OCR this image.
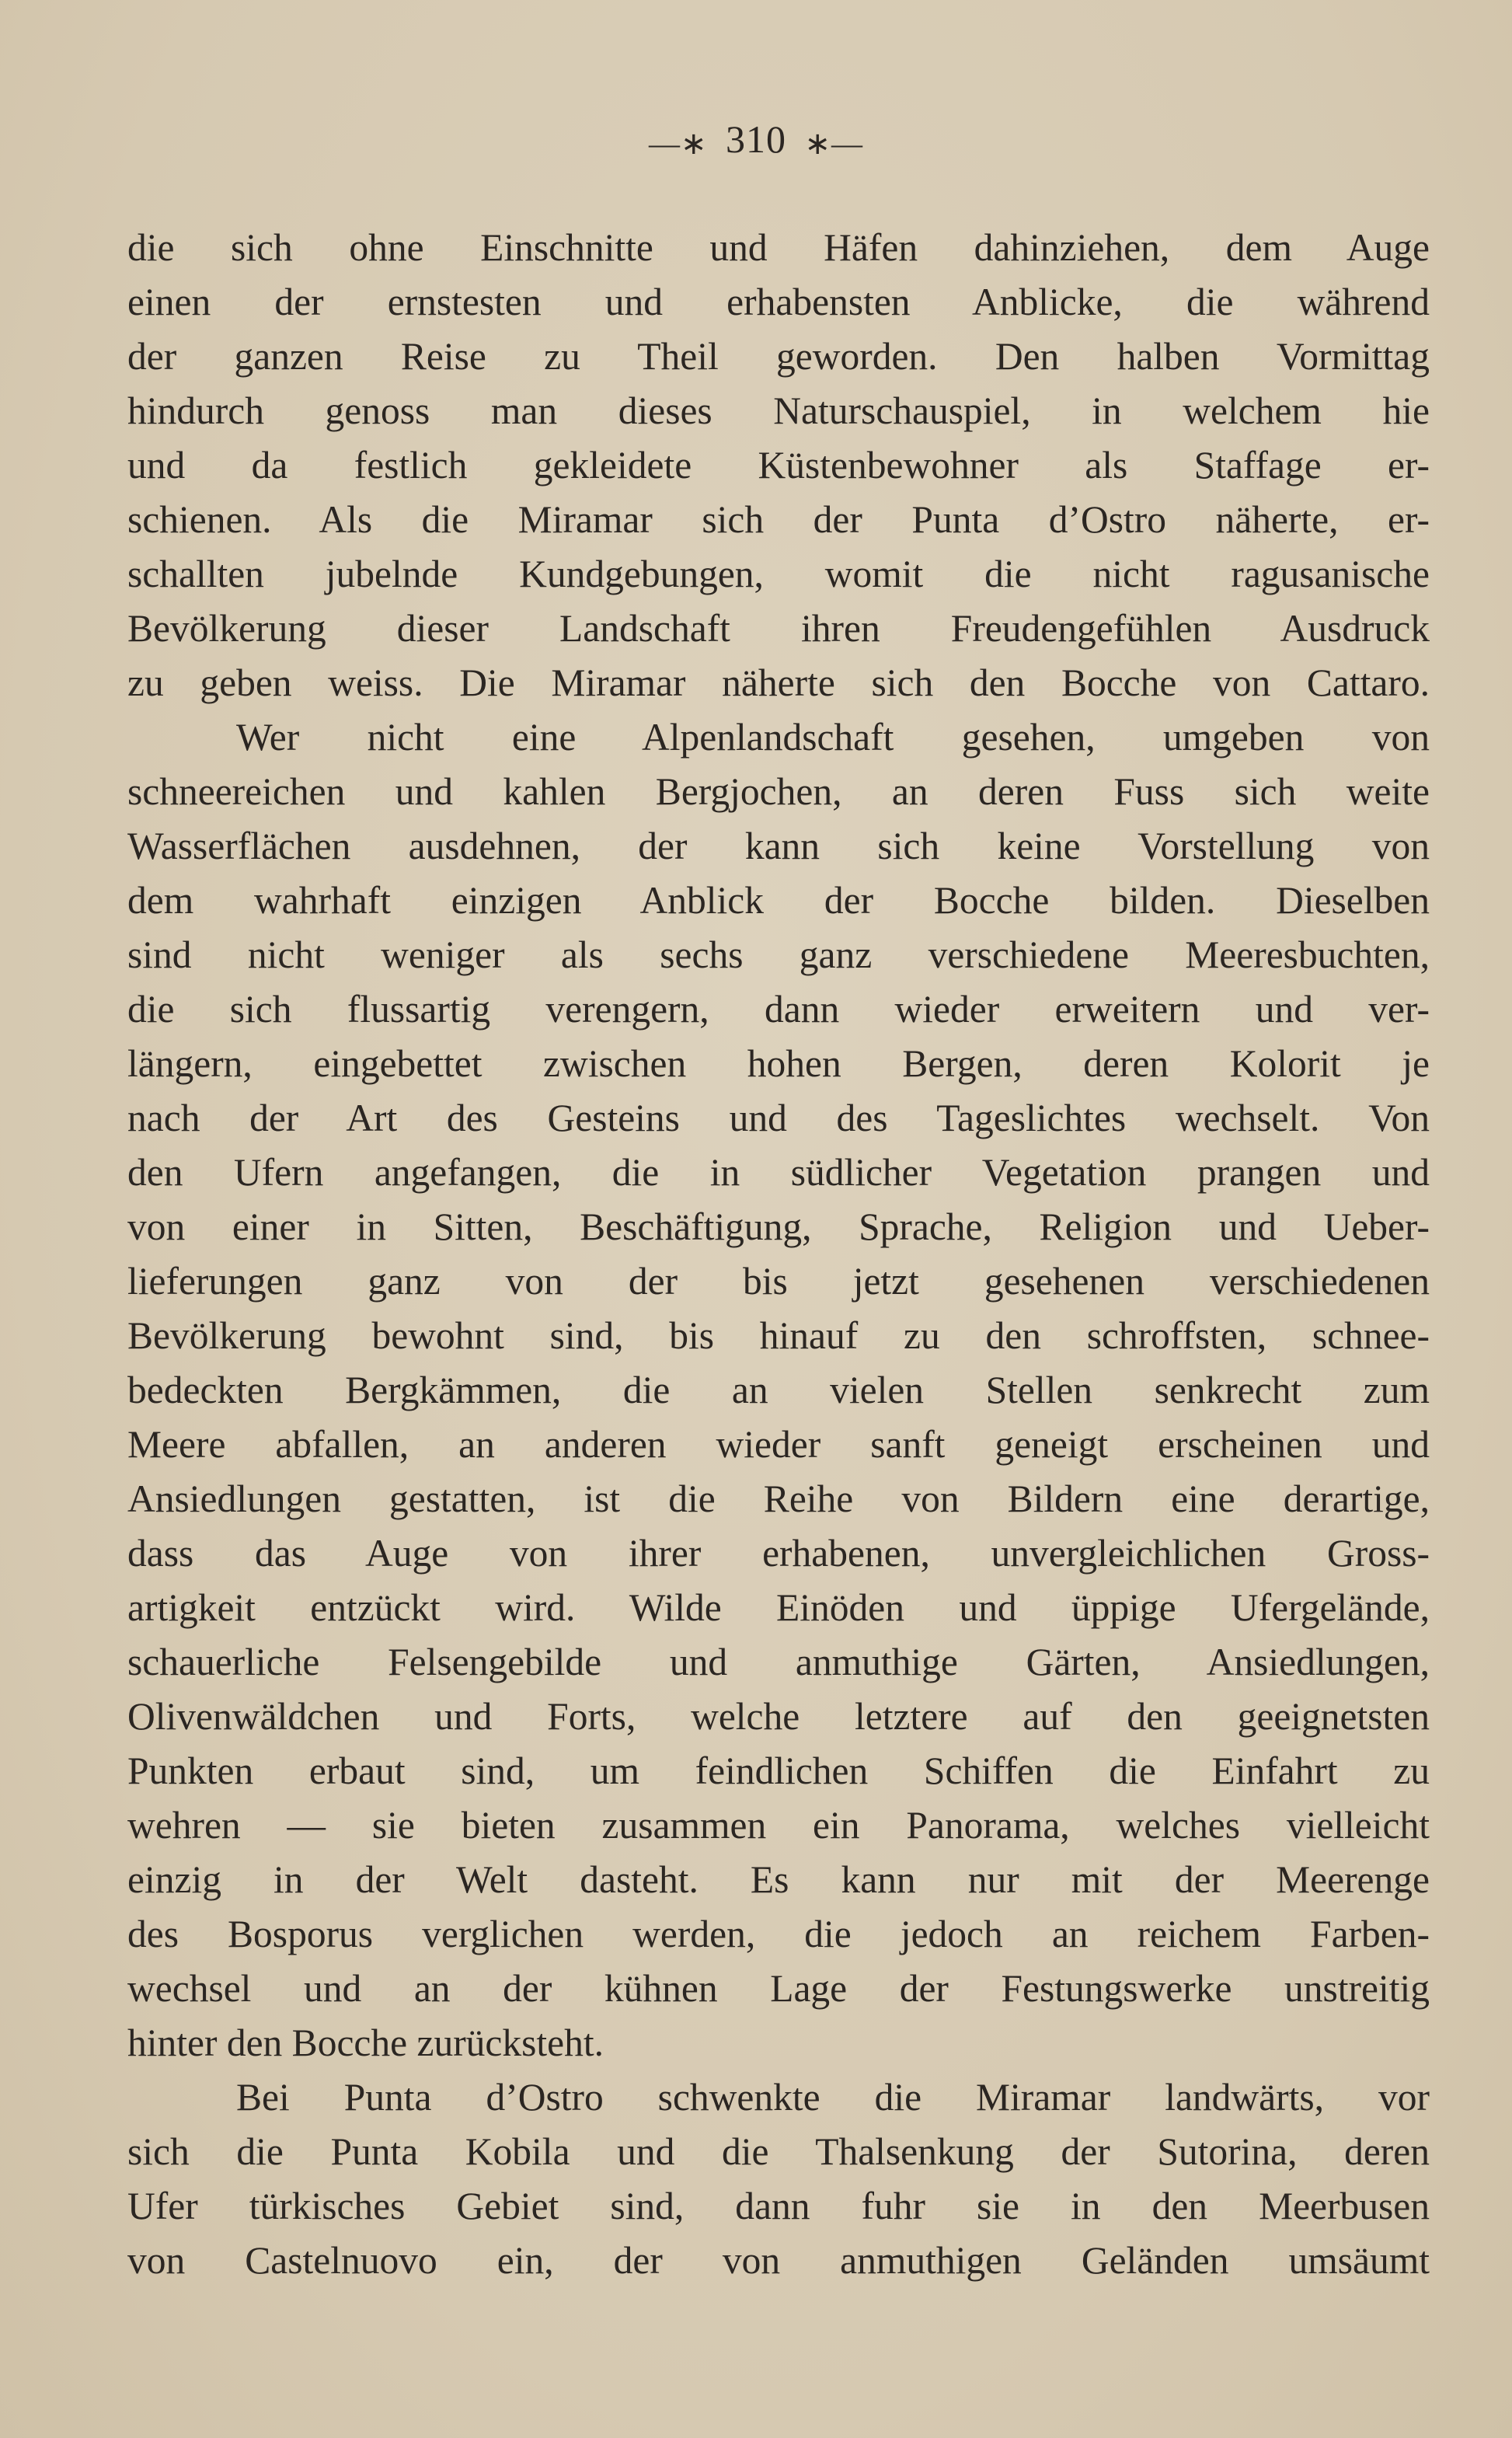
—∗ 310 ∗—
die sich ohne Einschnitte und Häfen dahinziehen, dem Auge
einen der ernstesten und erhabensten Anblicke, die während
der ganzen Reise zu Theil geworden. Den halben Vormittag
hindurch genoss man dieses Naturschauspiel, in welchem hie
und da festlich gekleidete Küstenbewohner als Staffage er-
schienen. Als die Miramar sich der Punta d’Ostro näherte, er-
schallten jubelnde Kundgebungen, womit die nicht ragusanische
Bevölkerung dieser Landschaft ihren Freudengefühlen Ausdruck
zu geben weiss. Die Miramar näherte sich den Bocche von Cattaro.
Wer nicht eine Alpenlandschaft gesehen, umgeben von
schneereichen und kahlen Bergjochen, an deren Fuss sich weite
Wasserflächen ausdehnen, der kann sich keine Vorstellung von
dem wahrhaft einzigen Anblick der Bocche bilden. Dieselben
sind nicht weniger als sechs ganz verschiedene Meeresbuchten,
die sich flussartig verengern, dann wieder erweitern und ver-
längern, eingebettet zwischen hohen Bergen, deren Kolorit je
nach der Art des Gesteins und des Tageslichtes wechselt. Von
den Ufern angefangen, die in südlicher Vegetation prangen und
von einer in Sitten, Beschäftigung, Sprache, Religion und Ueber-
lieferungen ganz von der bis jetzt gesehenen verschiedenen
Bevölkerung bewohnt sind, bis hinauf zu den schroffsten, schnee-
bedeckten Bergkämmen, die an vielen Stellen senkrecht zum
Meere abfallen, an anderen wieder sanft geneigt erscheinen und
Ansiedlungen gestatten, ist die Reihe von Bildern eine derartige,
dass das Auge von ihrer erhabenen, unvergleichlichen Gross-
artigkeit entzückt wird. Wilde Einöden und üppige Ufergelände,
schauerliche Felsengebilde und anmuthige Gärten, Ansiedlungen,
Olivenwäldchen und Forts, welche letztere auf den geeignetsten
Punkten erbaut sind, um feindlichen Schiffen die Einfahrt zu
wehren — sie bieten zusammen ein Panorama, welches vielleicht
einzig in der Welt dasteht. Es kann nur mit der Meerenge
des Bosporus verglichen werden, die jedoch an reichem Farben-
wechsel und an der kühnen Lage der Festungswerke unstreitig
hinter den Bocche zurücksteht.
Bei Punta d’Ostro schwenkte die Miramar landwärts, vor
sich die Punta Kobila und die Thalsenkung der Sutorina, deren
Ufer türkisches Gebiet sind, dann fuhr sie in den Meerbusen
von Castelnuovo ein, der von anmuthigen Geländen umsäumt
